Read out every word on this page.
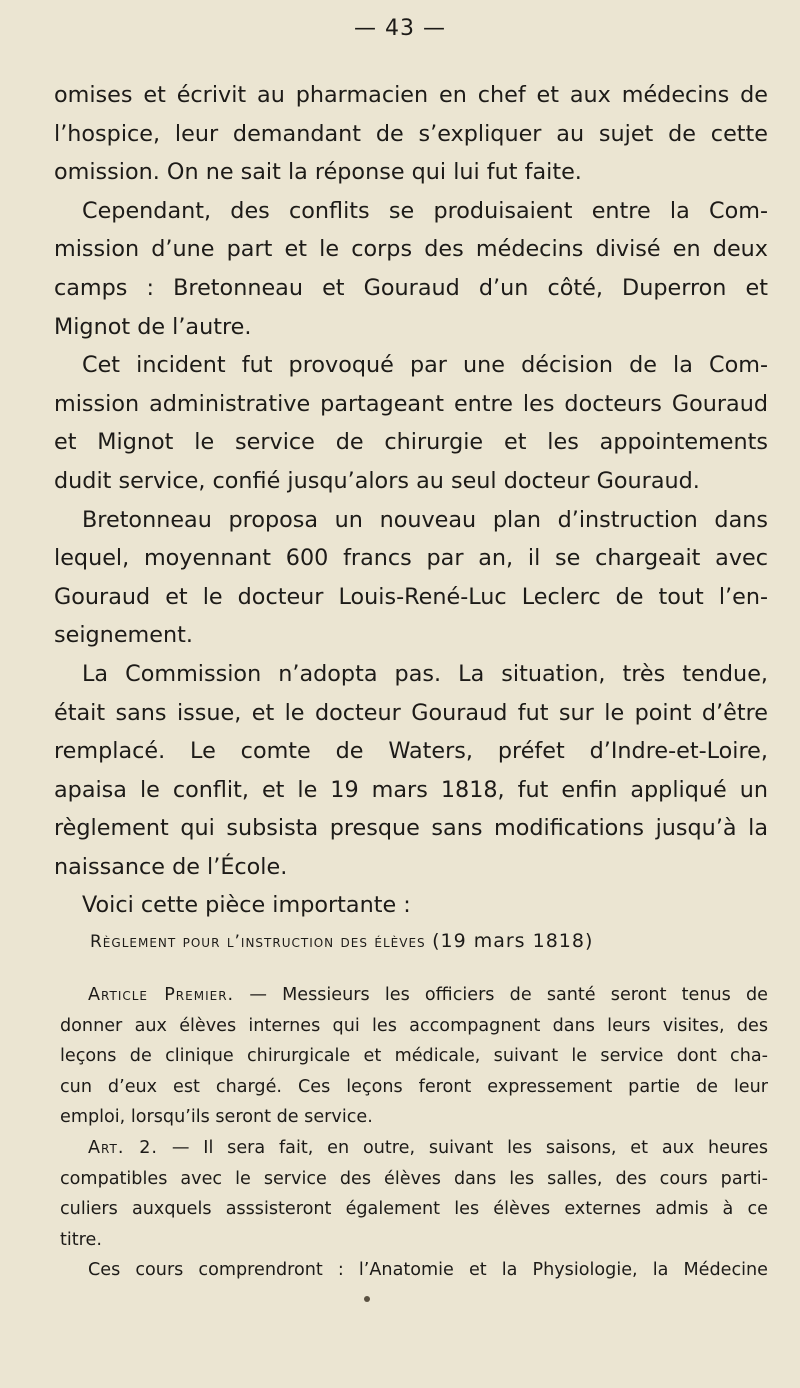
— 43 —

omises et écrivit au pharmacien en chef et aux médecins de

l’hospice, leur demandant de s’expliquer au sujet de cette

omission. On ne sait la réponse qui lui fut faite.

Cependant, des conflits se produisaient entre la Com-

mission d’une part et le corps des médecins divisé en deux

camps : Bretonneau et Gouraud d’un côté, Duperron et

Mignot de l’autre.

Cet incident fut provoqué par une décision de la Com-

mission administrative partageant entre les docteurs Gouraud

et Mignot le service de chirurgie et les appointements

dudit service, confié jusqu’alors au seul docteur Gouraud.

Bretonneau proposa un nouveau plan d’instruction dans

lequel, moyennant 600 francs par an, il se chargeait avec

Gouraud et le docteur Louis-René-Luc Leclerc de tout l’en-

seignement.

La Commission n’adopta pas. La situation, très tendue,

était sans issue, et le docteur Gouraud fut sur le point d’être

remplacé. Le comte de Waters, préfet d’Indre-et-Loire,

apaisa le conflit, et le 19 mars 1818, fut enfin appliqué un

règlement qui subsista presque sans modifications jusqu’à la

naissance de l’École.

Voici cette pièce importante :

Règlement pour l’instruction des élèves (19 mars 1818)

Article Premier. — Messieurs les officiers de santé seront tenus de

donner aux élèves internes qui les accompagnent dans leurs visites, des

leçons de clinique chirurgicale et médicale, suivant le service dont cha-

cun d’eux est chargé. Ces leçons feront expressement partie de leur

emploi, lorsqu’ils seront de service.

Art. 2. — Il sera fait, en outre, suivant les saisons, et aux heures

compatibles avec le service des élèves dans les salles, des cours parti-

culiers auxquels asssisteront également les élèves externes admis à ce

titre.

Ces cours comprendront : l’Anatomie et la Physiologie, la Médecine
